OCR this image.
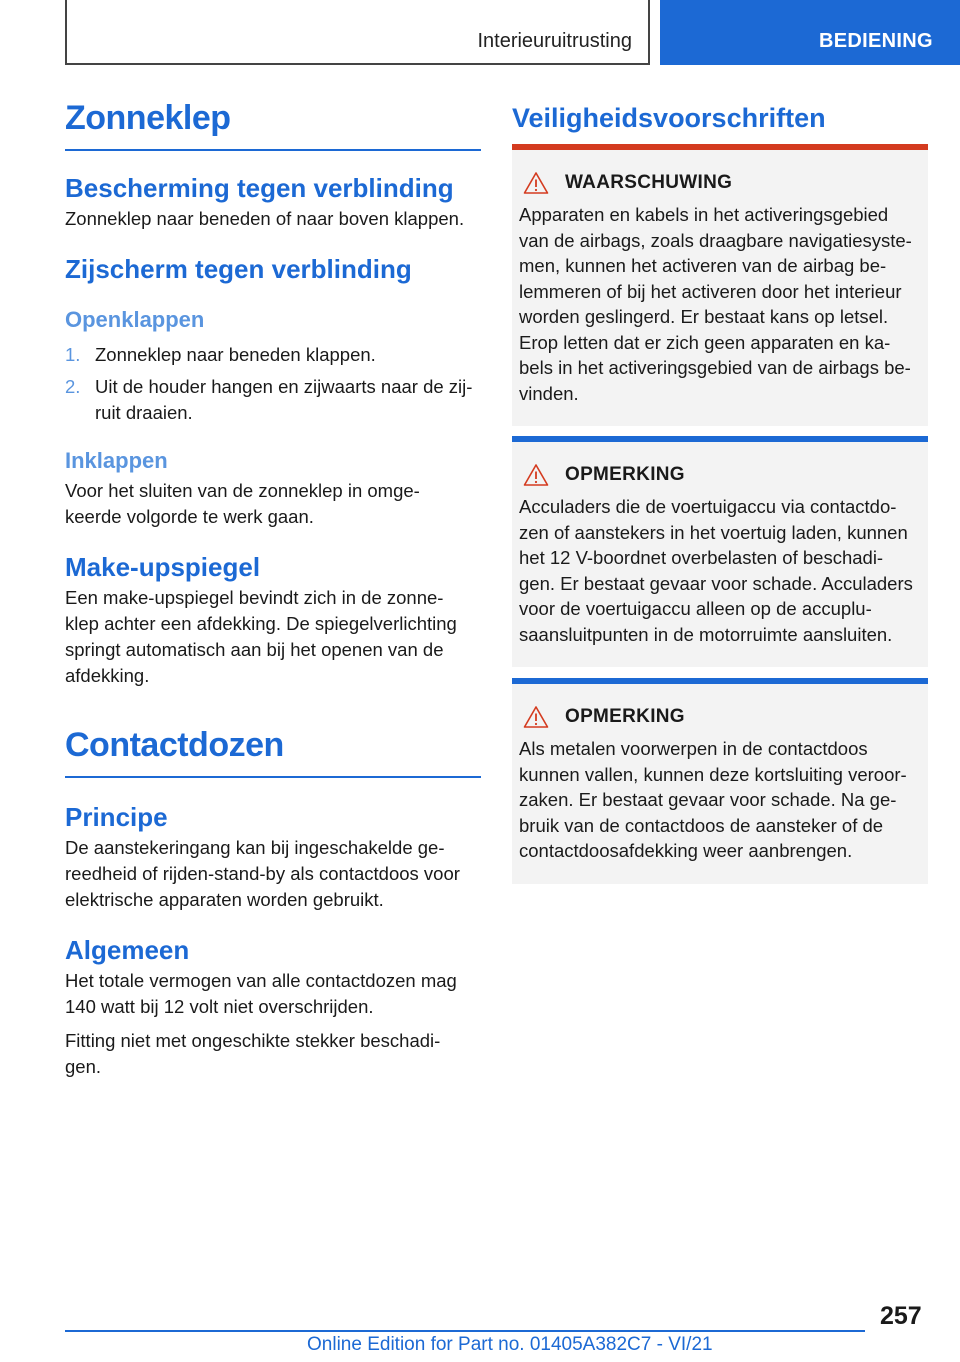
Interieuruitrusting	BEDIENING
Zonneklep
Bescherming tegen verblinding
Zonneklep naar beneden of naar boven klappen.
Zijscherm tegen verblinding
Openklappen
1. Zonneklep naar beneden klappen.
2. Uit de houder hangen en zijwaarts naar de zij-
ruit draaien.
Inklappen
Voor het sluiten van de zonneklep in omge-
keerde volgorde te werk gaan.
Make-upspiegel
Een make-upspiegel bevindt zich in de zonne-
klep achter een afdekking. De spiegelverlichting
springt automatisch aan bij het openen van de
afdekking.
Contactdozen
Principe
De aanstekeringang kan bij ingeschakelde ge-
reedheid of rijden-stand-by als contactdoos voor
elektrische apparaten worden gebruikt.
Algemeen
Het totale vermogen van alle contactdozen mag
140 watt bij 12 volt niet overschrijden.
Fitting niet met ongeschikte stekker beschadi-
gen.
Veiligheidsvoorschriften
WAARSCHUWING
Apparaten en kabels in het activeringsgebied
van de airbags, zoals draagbare navigatiesyste-
men, kunnen het activeren van de airbag be-
lemmeren of bij het activeren door het interieur
worden geslingerd. Er bestaat kans op letsel.
Erop letten dat er zich geen apparaten en ka-
bels in het activeringsgebied van de airbags be-
vinden.
OPMERKING
Acculaders die de voertuigaccu via contactdo-
zen of aanstekers in het voertuig laden, kunnen
het 12 V-boordnet overbelasten of beschadi-
gen. Er bestaat gevaar voor schade. Acculaders
voor de voertuigaccu alleen op de accuplu-
saansluitpunten in de motorruimte aansluiten.
OPMERKING
Als metalen voorwerpen in de contactdoos
kunnen vallen, kunnen deze kortsluiting veroor-
zaken. Er bestaat gevaar voor schade. Na ge-
bruik van de contactdoos de aansteker of de
contactdoosafdekking weer aanbrengen.
257
Online Edition for Part no. 01405A382C7 - VI/21
